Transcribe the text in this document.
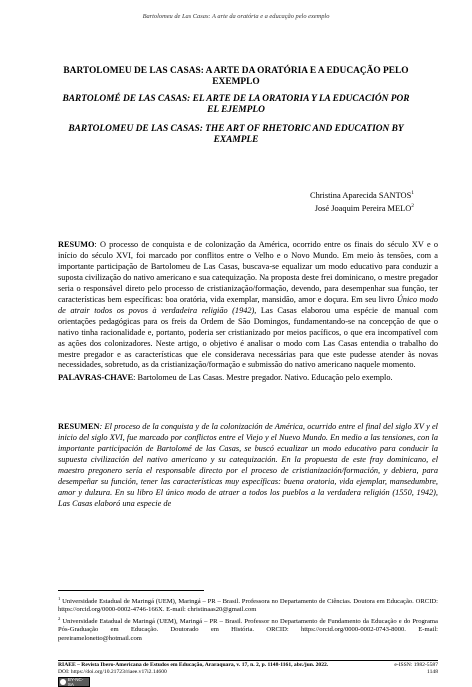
Bartolomeu de Las Casas: A arte da oratória e a educação pelo exemplo

BARTOLOMEU DE LAS CASAS: A ARTE DA ORATÓRIA E A EDUCAÇÃO PELO EXEMPLO

BARTOLOMÉ DE LAS CASAS: EL ARTE DE LA ORATORIA Y LA EDUCACIÓN POR EL EJEMPLO

BARTOLOMEU DE LAS CASAS: THE ART OF RHETORIC AND EDUCATION BY EXAMPLE

Christina Aparecida SANTOS$^1$
José Joaquim Pereira MELO$^2$
RESUMO: O processo de conquista e de colonização da América, ocorrido entre os finais do século XV e o início do século XVI, foi marcado por conflitos entre o Velho e o Novo Mundo. Em meio às tensões, com a importante participação de Bartolomeu de Las Casas, buscava-se equalizar um modo educativo para conduzir a suposta civilização do nativo americano e sua catequização. Na proposta deste frei dominicano, o mestre pregador seria o responsável direto pelo processo de cristianização/formação, devendo, para desempenhar sua função, ter características bem específicas: boa oratória, vida exemplar, mansidão, amor e doçura. Em seu livro Único modo de atrair todos os povos à verdadeira religião (1942), Las Casas elaborou uma espécie de manual com orientações pedagógicas para os freis da Ordem de São Domingos, fundamentando-se na concepção de que o nativo tinha racionalidade e, portanto, poderia ser cristianizado por meios pacíficos, o que era incompatível com as ações dos colonizadores. Neste artigo, o objetivo é analisar o modo com Las Casas entendia o trabalho do mestre pregador e as características que ele considerava necessárias para que este pudesse atender às novas necessidades, sobretudo, as da cristianização/formação e submissão do nativo americano naquele momento.
PALAVRAS-CHAVE: Bartolomeu de Las Casas. Mestre pregador. Nativo. Educação pelo exemplo.
RESUMEN: El proceso de la conquista y de la colonización de América, ocurrido entre el final del siglo XV y el inicio del siglo XVI, fue marcado por conflictos entre el Viejo y el Nuevo Mundo. En medio a las tensiones, con la importante participación de Bartolomé de las Casas, se buscó ecualizar un modo educativo para conducir la supuesta civilización del nativo americano y su catequización. En la propuesta de este fray dominicano, el maestro pregonero sería el responsable directo por el proceso de cristianización/formación, y debiera, para desempeñar su función, tener las características muy específicas: buena oratoria, vida ejemplar, mansedumbre, amor y dulzura. En su libro El único modo de atraer a todos los pueblos a la verdadera religión (1550, 1942), Las Casas elaboró una especie de

$^1$ Universidade Estadual de Maringá (UEM), Maringá – PR – Brasil. Professora no Departamento de Ciências. Doutora em Educação. ORCID: https://orcid.org/0000-0002-4746-166X. E-mail: christinaas20@gmail.com

$^2$ Universidade Estadual de Maringá (UEM), Maringá – PR – Brasil. Professor no Departamento de Fundamento da Educação e do Programa Pós-Graduação em Educação. Doutorado em História. ORCID: https://orcid.org/0000-0002-0743-8000. E-mail: pereiramelonetto@hotmail.com

RIAEE – Revista Ibero-Americana de Estudos em Educação, Araraquara, v. 17, n. 2, p. 1148-1161, abr./jun. 2022.	e-ISSN: 1982-5587
DOI: https://doi.org/10.21723/riaee.v17i2.14600	1148
BY-NC-SA
